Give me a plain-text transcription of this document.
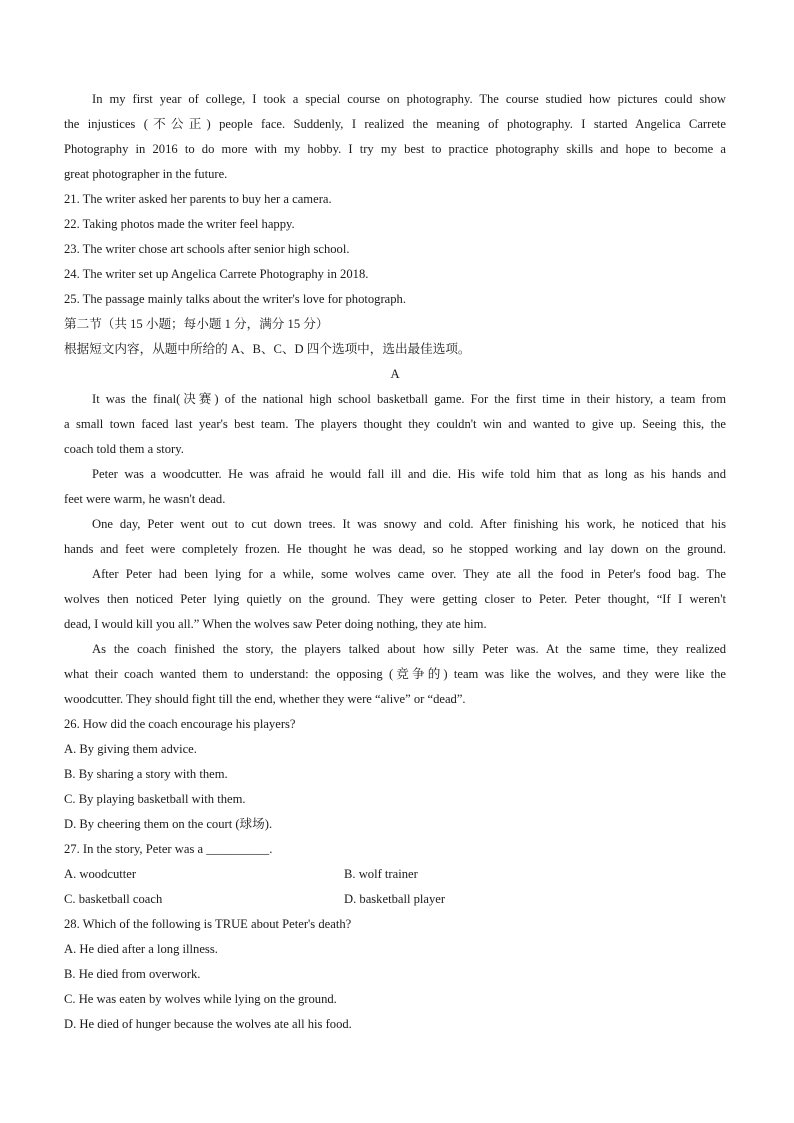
In my first year of college, I took a special course on photography. The course studied how pictures could show
the injustices (不公正) people face. Suddenly, I realized the meaning of photography. I started Angelica Carrete
Photography in 2016 to do more with my hobby. I try my best to practice photography skills and hope to become a
great photographer in the future.
21. The writer asked her parents to buy her a camera.
22. Taking photos made the writer feel happy.
23. The writer chose art schools after senior high school.
24. The writer set up Angelica Carrete Photography in 2018.
25. The passage mainly talks about the writer's love for photograph.
第二节（共 15 小题；每小题 1 分，满分 15 分）
根据短文内容，从题中所给的 A、B、C、D 四个选项中，选出最佳选项。
A
It was the final(决赛) of the national high school basketball game. For the first time in their history, a team from
a small town faced last year's best team. The players thought they couldn't win and wanted to give up. Seeing this, the
coach told them a story.
Peter was a woodcutter. He was afraid he would fall ill and die. His wife told him that as long as his hands and
feet were warm, he wasn't dead.
One day, Peter went out to cut down trees. It was snowy and cold. After finishing his work, he noticed that his
hands and feet were completely frozen. He thought he was dead, so he stopped working and lay down on the ground.
After Peter had been lying for a while, some wolves came over. They ate all the food in Peter's food bag. The
wolves then noticed Peter lying quietly on the ground. They were getting closer to Peter. Peter thought, “If I weren't
dead, I would kill you all.” When the wolves saw Peter doing nothing, they ate him.
As the coach finished the story, the players talked about how silly Peter was. At the same time, they realized
what their coach wanted them to understand: the opposing (竞争的) team was like the wolves, and they were like the
woodcutter. They should fight till the end, whether they were “alive” or “dead”.
26. How did the coach encourage his players?
A. By giving them advice.
B. By sharing a story with them.
C. By playing basketball with them.
D. By cheering them on the court (球场).
27. In the story, Peter was a __________.
A. woodcutter	B. wolf trainer
C. basketball coach	D. basketball player
28. Which of the following is TRUE about Peter's death?
A. He died after a long illness.
B. He died from overwork.
C. He was eaten by wolves while lying on the ground.
D. He died of hunger because the wolves ate all his food.
